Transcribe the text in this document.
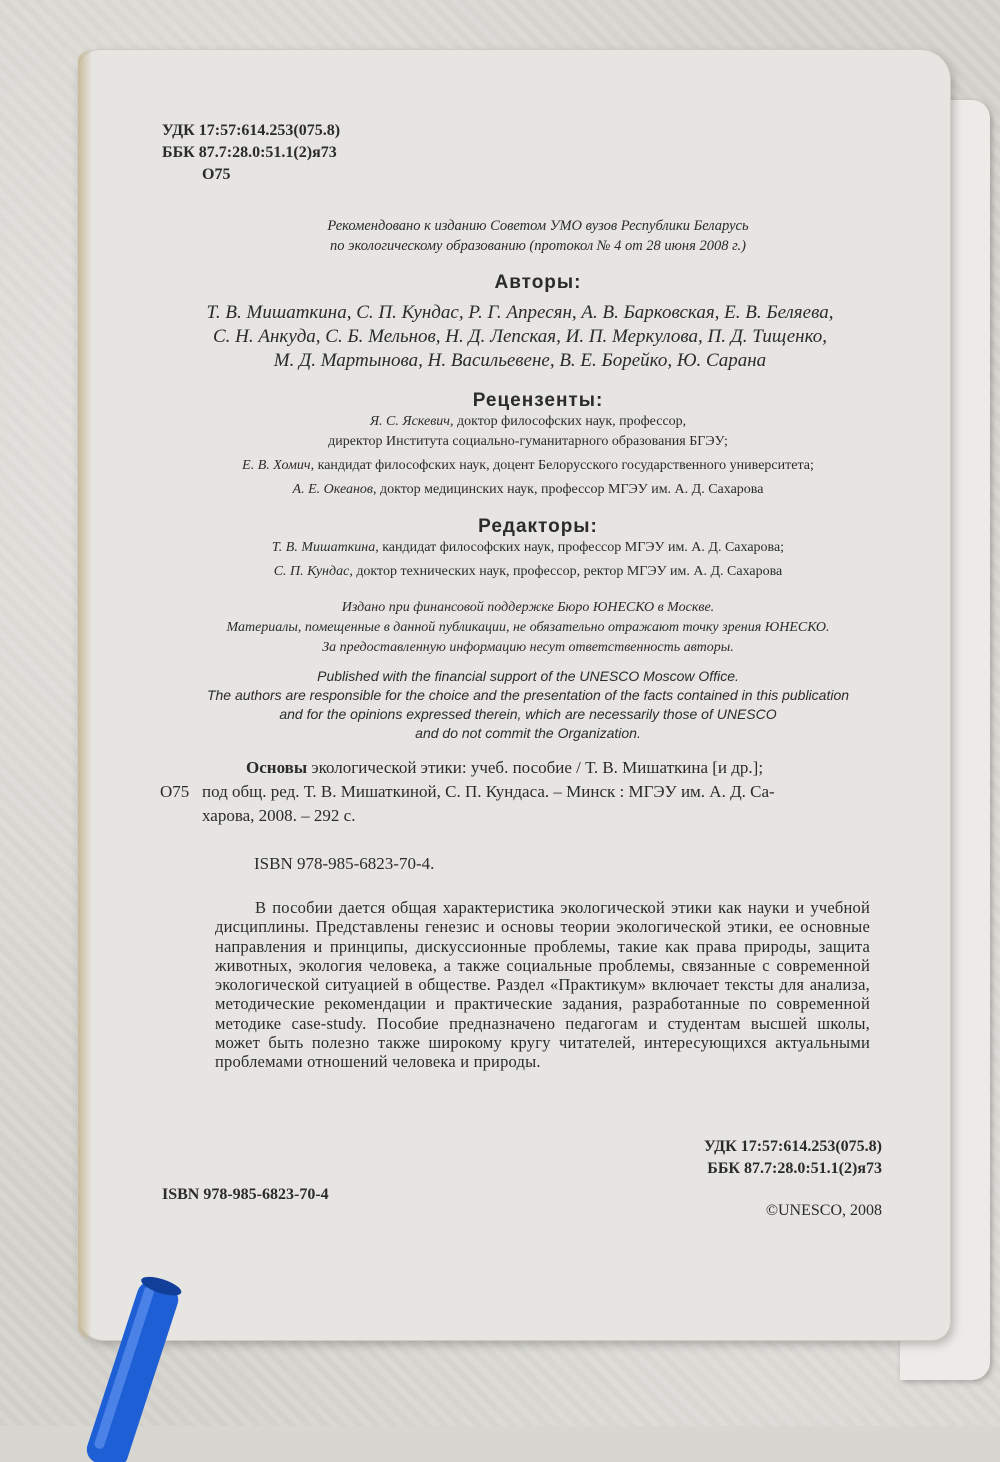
УДК 17:57:614.253(075.8)
ББК 87.7:28.0:51.1(2)я73
О75
Рекомендовано к изданию Советом УМО вузов Республики Беларусь
по экологическому образованию (протокол № 4 от 28 июня 2008 г.)
Авторы:
Т. В. Мишаткина, С. П. Кундас, Р. Г. Апресян, А. В. Барковская, Е. В. Беляева,
С. Н. Анкуда, С. Б. Мельнов, Н. Д. Лепская, И. П. Меркулова, П. Д. Тищенко,
М. Д. Мартынова, Н. Васильевене, В. Е. Борейко, Ю. Сарана
Рецензенты:
Я. С. Яскевич, доктор философских наук, профессор,
директор Института социально-гуманитарного образования БГЭУ;
Е. В. Хомич, кандидат философских наук, доцент Белорусского государственного университета;
А. Е. Океанов, доктор медицинских наук, профессор МГЭУ им. А. Д. Сахарова
Редакторы:
Т. В. Мишаткина, кандидат философских наук, профессор МГЭУ им. А. Д. Сахарова;
С. П. Кундас, доктор технических наук, профессор, ректор МГЭУ им. А. Д. Сахарова
Издано при финансовой поддержке Бюро ЮНЕСКО в Москве.
Материалы, помещенные в данной публикации, не обязательно отражают точку зрения ЮНЕСКО.
За предоставленную информацию несут ответственность авторы.
Published with the financial support of the UNESCO Moscow Office.
The authors are responsible for the choice and the presentation of the facts contained in this publication
and for the opinions expressed therein, which are necessarily those of UNESCO
and do not commit the Organization.
О75
Основы экологической этики: учеб. пособие / Т. В. Мишаткина [и др.];
под общ. ред. Т. В. Мишаткиной, С. П. Кундаса. – Минск : МГЭУ им. А. Д. Са-
харова, 2008. – 292 с.
ISBN 978-985-6823-70-4.
В пособии дается общая характеристика экологической этики как науки и учебной дисциплины. Представлены генезис и основы теории экологической этики, ее основные направления и принципы, дискуссионные проблемы, такие как права природы, защита животных, экология человека, а также социальные проблемы, связанные с современной экологической ситуацией в обществе. Раздел «Практикум» включает тексты для анализа, методические рекомендации и практические задания, разработанные по современной методике case-study. Пособие предназначено педагогам и студентам высшей школы, может быть полезно также широкому кругу читателей, интересующихся актуальными проблемами отношений человека и природы.
УДК 17:57:614.253(075.8)
ББК 87.7:28.0:51.1(2)я73
ISBN 978-985-6823-70-4
©UNESCO, 2008
